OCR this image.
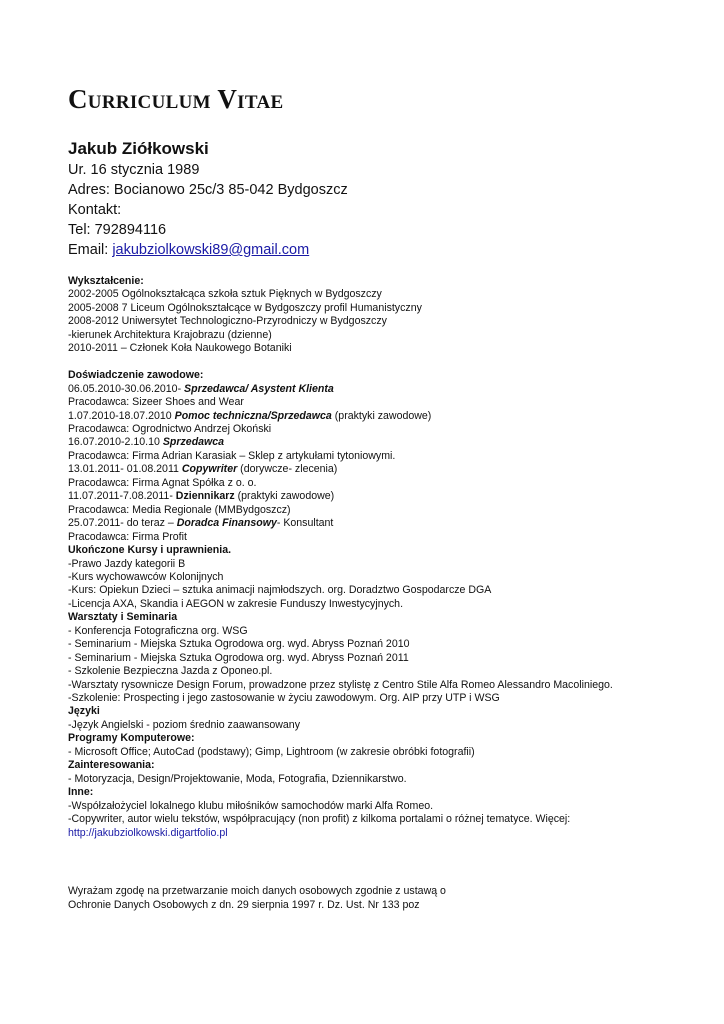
Curriculum Vitae
Jakub Ziółkowski
Ur. 16 stycznia 1989
Adres: Bocianowo 25c/3 85-042 Bydgoszcz
Kontakt:
Tel: 792894116
Email: jakubziolkowski89@gmail.com
Wykształcenie:
2002-2005 Ogólnokształcąca szkoła sztuk Pięknych w Bydgoszczy
2005-2008 7 Liceum Ogólnokształcące w Bydgoszczy profil Humanistyczny
2008-2012 Uniwersytet Technologiczno-Przyrodniczy w Bydgoszczy
-kierunek Architektura Krajobrazu (dzienne)
2010-2011 – Członek Koła Naukowego Botaniki
Doświadczenie zawodowe:
06.05.2010-30.06.2010- Sprzedawca/ Asystent Klienta
Pracodawca: Sizeer Shoes and Wear
1.07.2010-18.07.2010 Pomoc techniczna/Sprzedawca (praktyki zawodowe)
Pracodawca: Ogrodnictwo Andrzej Okoński
16.07.2010-2.10.10 Sprzedawca
Pracodawca: Firma Adrian Karasiak – Sklep z artykułami tytoniowymi.
13.01.2011- 01.08.2011 Copywriter (dorywcze- zlecenia)
Pracodawca: Firma Agnat Spółka z o. o.
11.07.2011-7.08.2011- Dziennikarz (praktyki zawodowe)
Pracodawca: Media Regionale (MMBydgoszcz)
25.07.2011- do teraz – Doradca Finansowy- Konsultant
Pracodawca: Firma Profit
Ukończone Kursy i uprawnienia.
-Prawo Jazdy kategorii B
-Kurs wychowawców Kolonijnych
-Kurs: Opiekun Dzieci – sztuka animacji najmłodszych. org. Doradztwo Gospodarcze DGA
-Licencja AXA, Skandia i AEGON w zakresie Funduszy Inwestycyjnych.
Warsztaty i Seminaria
- Konferencja Fotograficzna org. WSG
- Seminarium - Miejska Sztuka Ogrodowa org. wyd. Abryss Poznań 2010
- Seminarium - Miejska Sztuka Ogrodowa org. wyd. Abryss Poznań 2011
- Szkolenie Bezpieczna Jazda z Oponeo.pl.
-Warsztaty rysownicze Design Forum, prowadzone przez stylistę z Centro Stile Alfa Romeo Alessandro Macoliniego.
-Szkolenie: Prospecting i jego zastosowanie w życiu zawodowym. Org. AIP przy UTP i WSG
Języki
-Język Angielski - poziom średnio zaawansowany
Programy Komputerowe:
- Microsoft Office; AutoCad (podstawy); Gimp, Lightroom (w zakresie obróbki fotografii)
Zainteresowania:
- Motoryzacja, Design/Projektowanie, Moda, Fotografia, Dziennikarstwo.
Inne:
-Współzałożyciel lokalnego klubu miłośników samochodów marki Alfa Romeo.
-Copywriter, autor wielu tekstów, współpracujący (non profit) z kilkoma portalami o różnej tematyce. Więcej:
http://jakubziolkowski.digartfolio.pl
Wyrażam zgodę na przetwarzanie moich danych osobowych zgodnie z ustawą o
Ochronie Danych Osobowych z dn. 29 sierpnia 1997 r. Dz. Ust. Nr 133 poz
